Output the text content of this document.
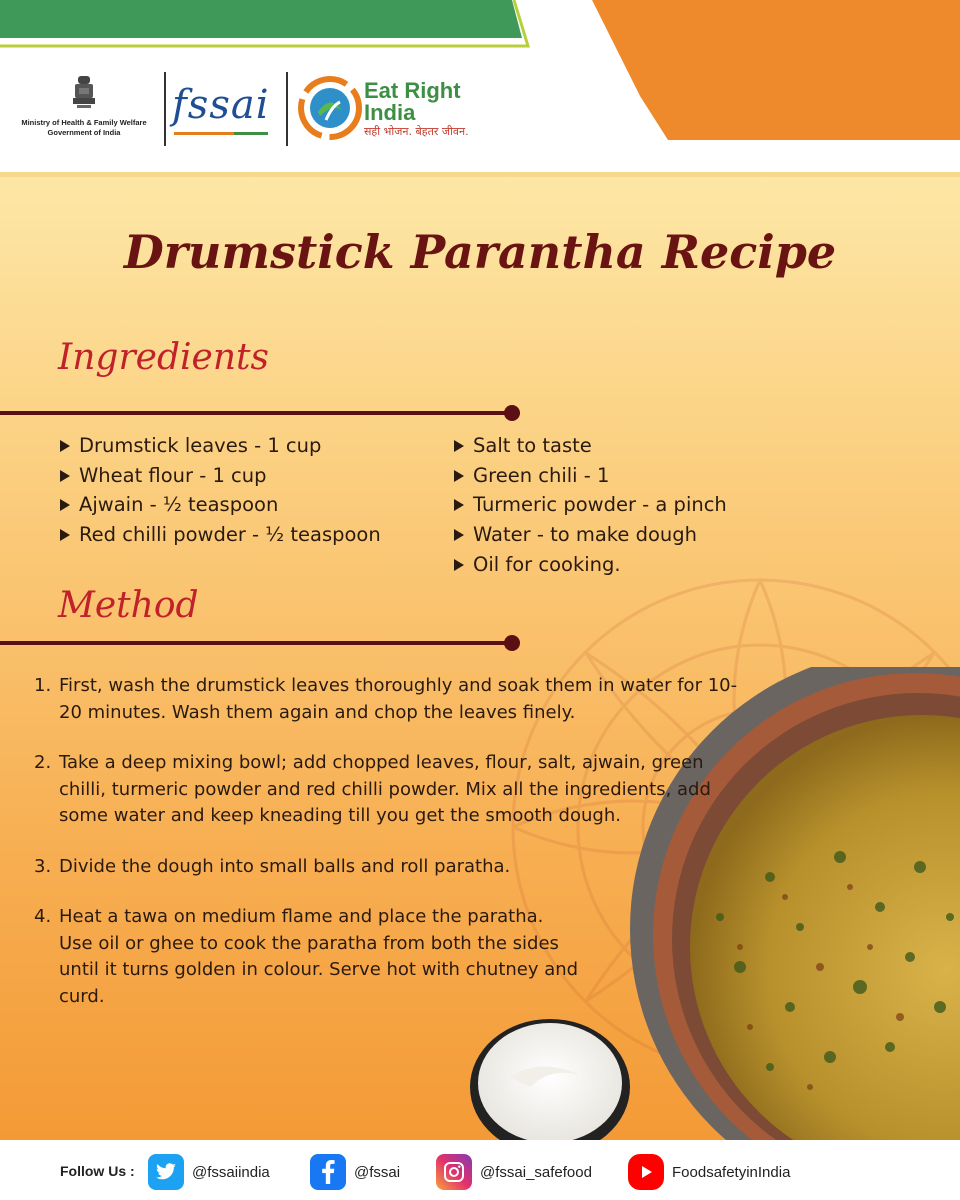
Ministry of Health & Family Welfare
Government of India
fssai	Eat Right
India
सही भोजन. बेहतर जीवन.
Drumstick Parantha Recipe
Ingredients
Drumstick leaves - 1 cup
Wheat flour - 1 cup
Ajwain - ½ teaspoon
Red chilli powder - ½ teaspoon
Salt to taste
Green chili - 1
Turmeric powder - a pinch
Water - to make dough
Oil for cooking.
Method
1. First, wash the drumstick leaves thoroughly and soak them in water for 10-20 minutes. Wash them again and chop the leaves finely.
2. Take a deep mixing bowl; add chopped leaves, flour, salt, ajwain, green chilli, turmeric powder and red chilli powder. Mix all the ingredients, add some water and keep kneading till you get the smooth dough.
3. Divide the dough into small balls and roll paratha.
4. Heat a tawa on medium flame and place the paratha. Use oil or ghee to cook the paratha from both the sides until it turns golden in colour. Serve hot with chutney and curd.
Follow Us :	@fssaiindia	@fssai	@fssai_safefood	FoodsafetyinIndia
